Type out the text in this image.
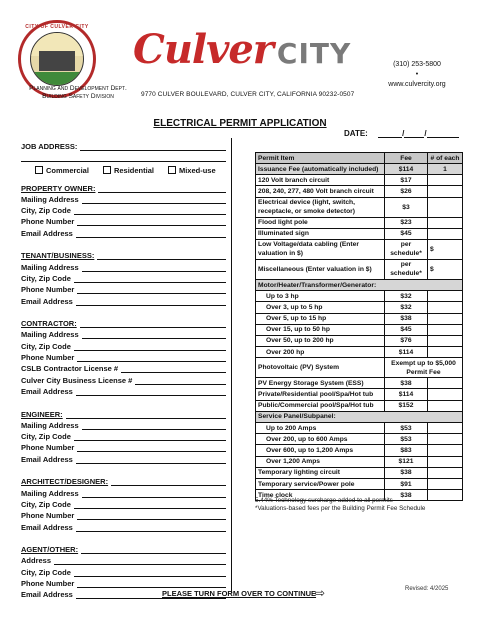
CITY OF CULVER CITY
Planning and Development Dept.
Building Safety Division
Culver CITY	(310) 253-5800
•
www.culvercity.org
9770 CULVER BOULEVARD, CULVER CITY, CALIFORNIA 90232-0507
ELECTRICAL PERMIT APPLICATION
DATE:	/	/
JOB ADDRESS:
Commercial	Residential	Mixed-use
PROPERTY OWNER:
Mailing Address
City, Zip Code
Phone Number
Email Address
TENANT/BUSINESS:
Mailing Address
City, Zip Code
Phone Number
Email Address
CONTRACTOR:
Mailing Address
City, Zip Code
Phone Number
CSLB Contractor License #
Culver City Business License #
Email Address
ENGINEER:
Mailing Address
City, Zip Code
Phone Number
Email Address
ARCHITECT/DESIGNER:
Mailing Address
City, Zip Code
Phone Number
Email Address
AGENT/OTHER:
Address
City, Zip Code
Phone Number
Email Address
Permit Item	Fee	# of each
Issuance Fee (automatically included)	$114	1
120 Volt branch circuit	$17	
208, 240, 277, 480 Volt branch circuit	$26	
Electrical device (light, switch, receptacle, or smoke detector)	$3	
Flood light pole	$23	
Illuminated sign	$45	
Low Voltage/data cabling (Enter valuation in $)	per schedule*	$
Miscellaneous (Enter valuation in $)	per schedule*	$
Motor/Heater/Transformer/Generator:		
Up to 3 hp	$32	
Over 3, up to 5 hp	$32	
Over 5, up to 15 hp	$38	
Over 15, up to 50 hp	$45	
Over 50, up to 200 hp	$76	
Over 200 hp	$114	
Photovoltaic (PV) System	Exempt up to $5,000 Permit Fee	
PV Energy Storage System (ESS)	$38	
Private/Residential pool/Spa/Hot tub	$114	
Public/Commercial pool/Spa/Hot tub	$152	
Service Panel/Subpanel:		
Up to 200 Amps	$53	
Over 200, up to 600 Amps	$53	
Over 600, up to 1,200 Amps	$83	
Over 1,200 Amps	$121	
Temporary lighting circuit	$38	
Temporary service/Power pole	$91	
Time clock	$38	
5.44% Technology surcharge added to all permits
*Valuations-based fees per the Building Permit Fee Schedule
Revised: 4/2025
PLEASE TURN FORM OVER TO CONTINUE
⇨
